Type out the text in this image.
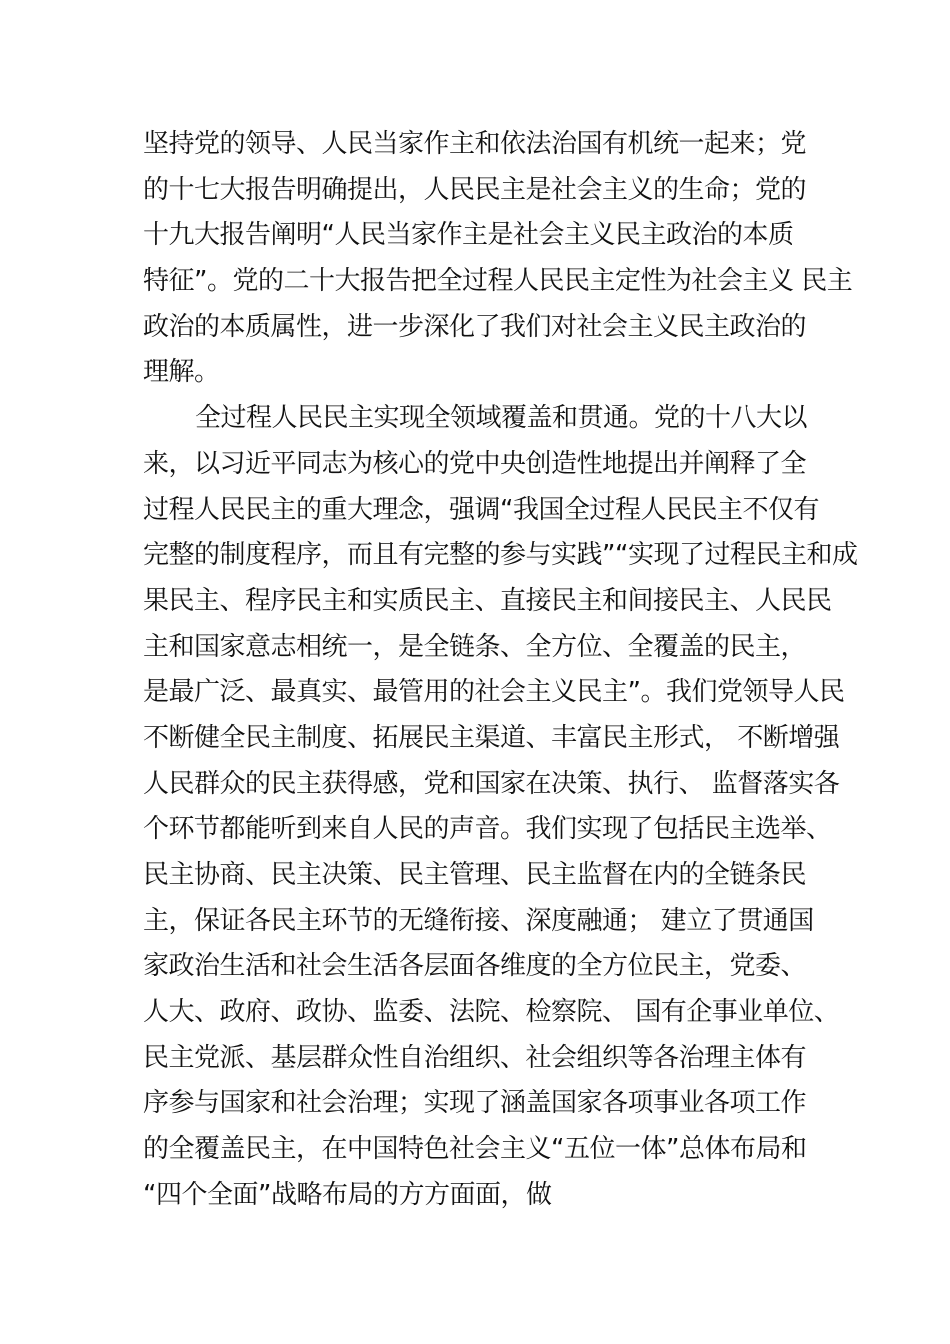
坚持党的领导、人民当家作主和依法治国有机统一起来；党

的十七大报告明确提出，人民民主是社会主义的生命；党的

十九大报告阐明“人民当家作主是社会主义民主政治的本质

特征”。党的二十大报告把全过程人民民主定性为社会主义 民主

政治的本质属性，进一步深化了我们对社会主义民主政治的

理解。

全过程人民民主实现全领域覆盖和贯通。党的十八大以

来，以习近平同志为核心的党中央创造性地提出并阐释了全

过程人民民主的重大理念，强调“我国全过程人民民主不仅有

完整的制度程序，而且有完整的参与实践”“实现了过程民主和成

果民主、程序民主和实质民主、直接民主和间接民主、人民民

主和国家意志相统一，是全链条、全方位、全覆盖的民主，

是最广泛、最真实、最管用的社会主义民主”。我们党领导人民

不断健全民主制度、拓展民主渠道、丰富民主形式， 不断增强

人民群众的民主获得感，党和国家在决策、执行、 监督落实各

个环节都能听到来自人民的声音。我们实现了包括民主选举、

民主协商、民主决策、民主管理、民主监督在内的全链条民

主，保证各民主环节的无缝衔接、深度融通； 建立了贯通国

家政治生活和社会生活各层面各维度的全方位民主，党委、

人大、政府、政协、监委、法院、检察院、 国有企事业单位、

民主党派、基层群众性自治组织、社会组织等各治理主体有

序参与国家和社会治理；实现了涵盖国家各项事业各项工作

的全覆盖民主，在中国特色社会主义“五位一体”总体布局和

“四个全面”战略布局的方方面面，做
